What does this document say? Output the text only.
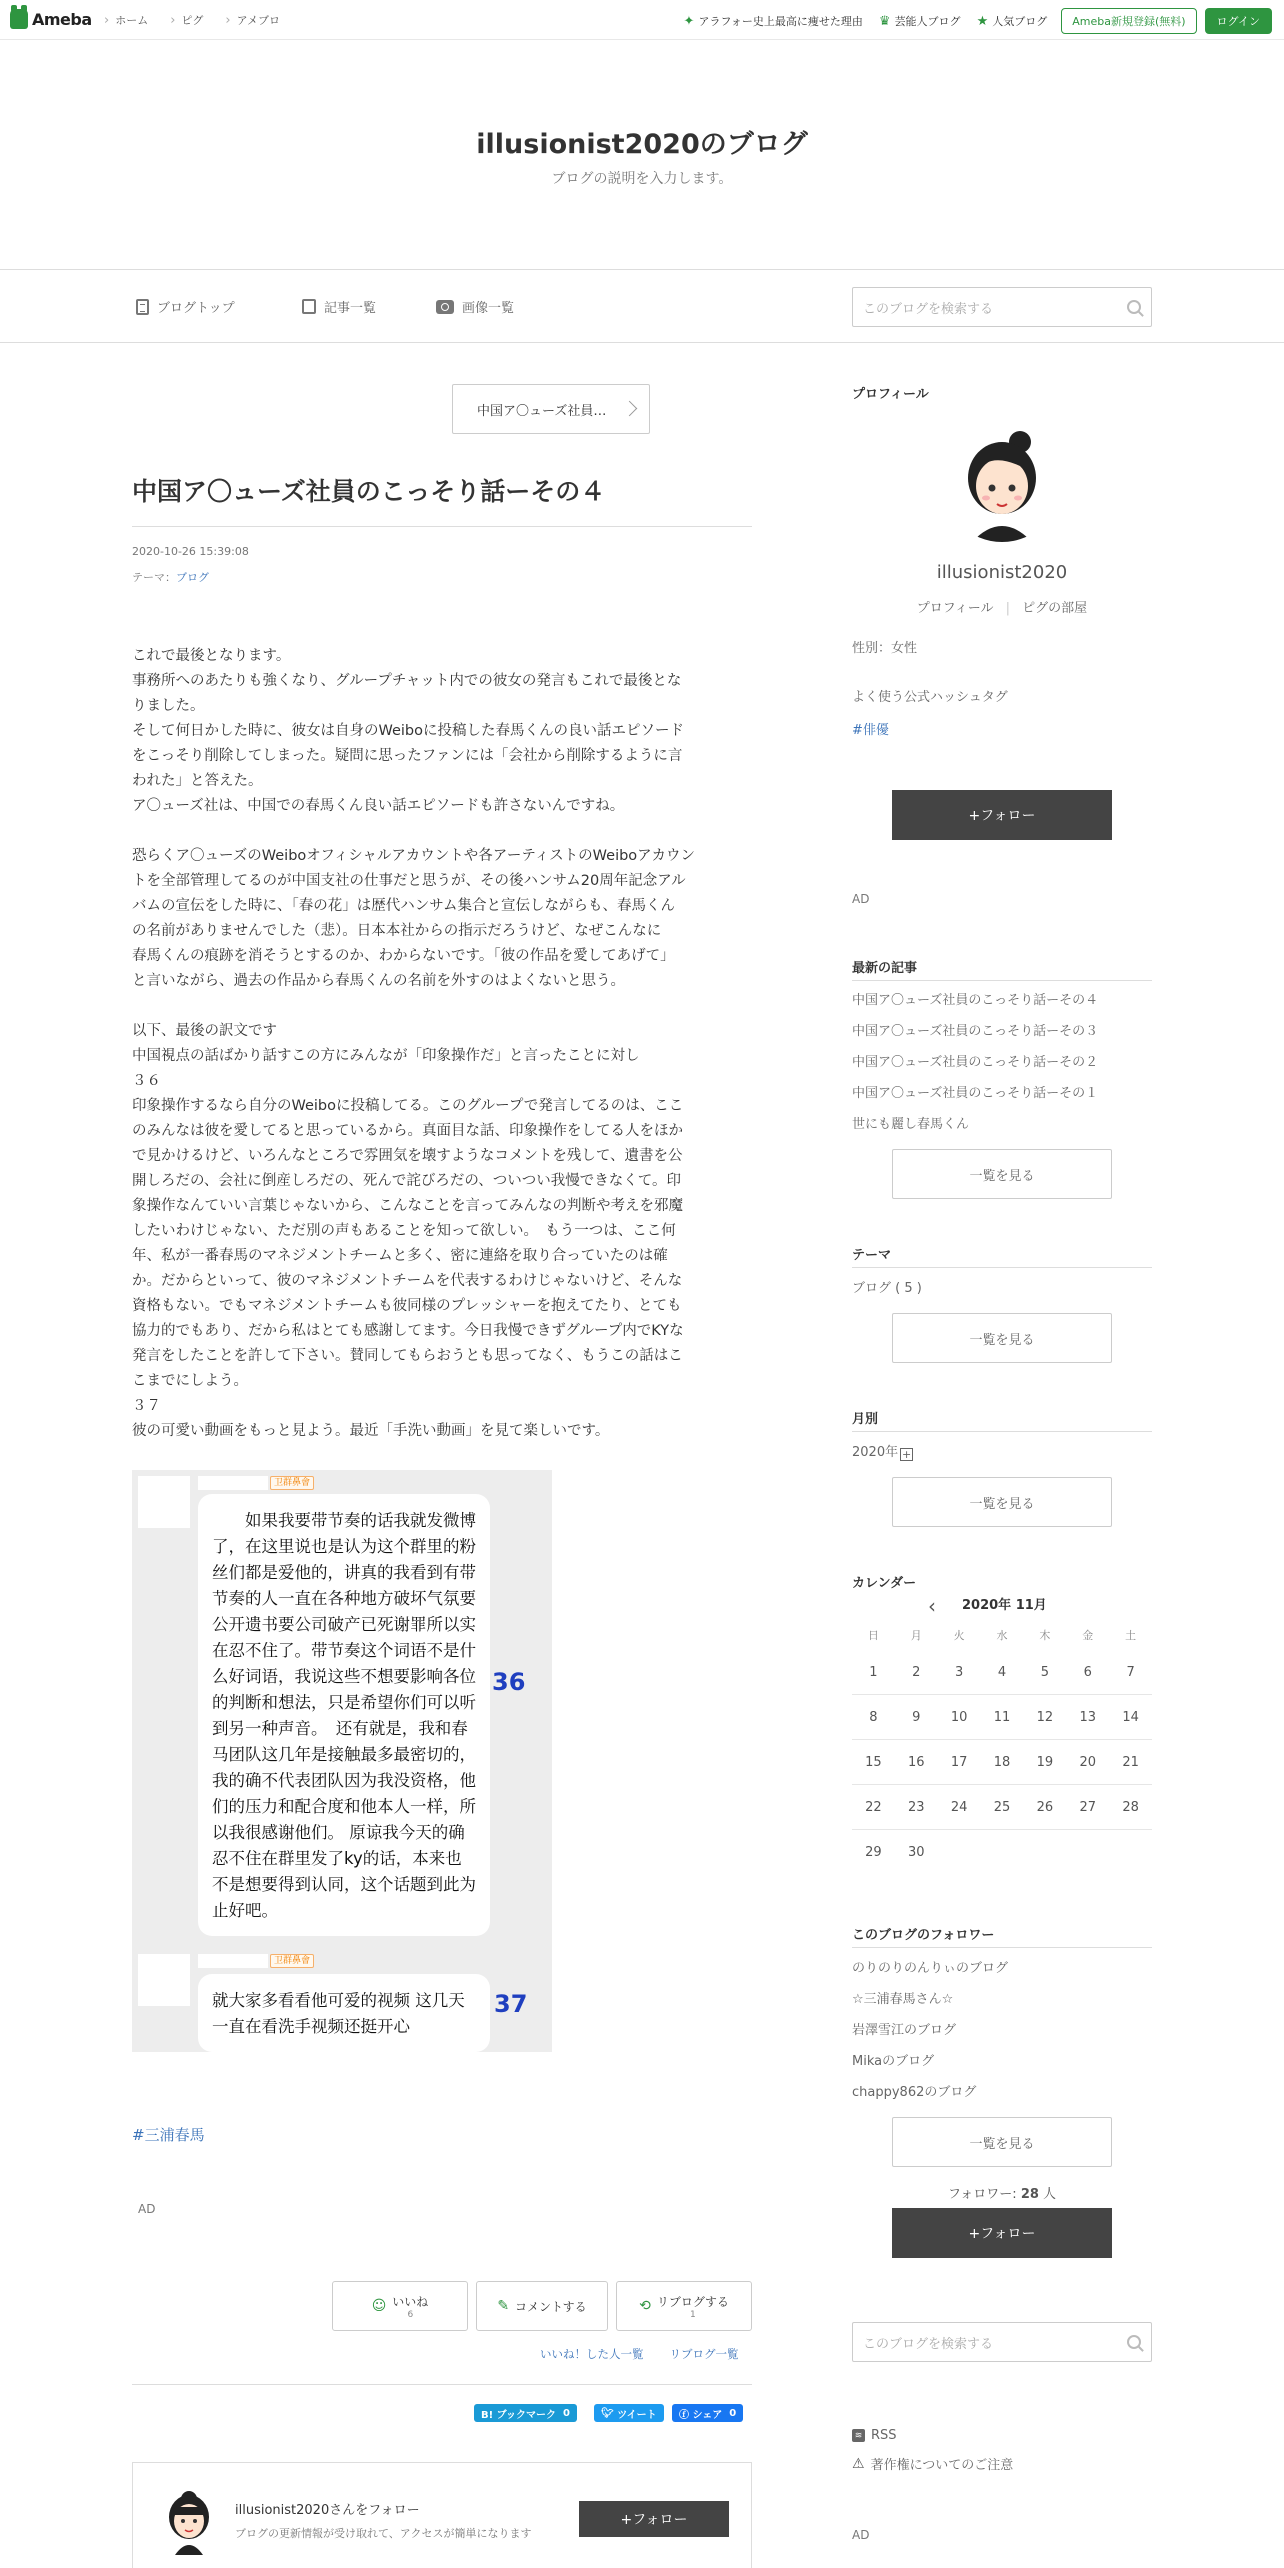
Ameba	› ホーム	› ピグ	› アメブロ	✦ アラフォー史上最高に痩せた理由 ♛ 芸能人ブログ ★ 人気ブログ	Ameba新規登録(無料)	ログイン
illusionist2020のブログ
ブログの説明を入力します。
ブログトップ	記事一覧	画像一覧	このブログを検索する
中国ア〇ューズ社員…
中国ア〇ューズ社員のこっそり話ーその４
2020-10-26 15:39:08
テーマ：ブログ

これで最後となります。
事務所へのあたりも強くなり、グループチャット内での彼女の発言もこれで最後とな
りました。
そして何日かした時に、彼女は自身のWeiboに投稿した春馬くんの良い話エピソード
をこっそり削除してしまった。疑問に思ったファンには「会社から削除するように言
われた」と答えた。
ア〇ューズ社は、中国での春馬くん良い話エピソードも許さないんですね。

恐らくア〇ューズのWeiboオフィシャルアカウントや各アーティストのWeiboアカウン
トを全部管理してるのが中国支社の仕事だと思うが、その後ハンサム20周年記念アル
バムの宣伝をした時に、「春の花」は歴代ハンサム集合と宣伝しながらも、春馬くん
の名前がありませんでした（悲）。日本本社からの指示だろうけど、なぜこんなに
春馬くんの痕跡を消そうとするのか、わからないです。「彼の作品を愛してあげて」
と言いながら、過去の作品から春馬くんの名前を外すのはよくないと思う。

以下、最後の訳文です
中国視点の話ばかり話すこの方にみんなが「印象操作だ」と言ったことに対し
３６
印象操作するなら自分のWeiboに投稿してる。このグループで発言してるのは、ここ
のみんなは彼を愛してると思っているから。真面目な話、印象操作をしてる人をほか
で見かけるけど、いろんなところで雰囲気を壊すようなコメントを残して、遺書を公
開しろだの、会社に倒産しろだの、死んで詫びろだの、ついつい我慢できなくて。印
象操作なんていい言葉じゃないから、こんなことを言ってみんなの判断や考えを邪魔
したいわけじゃない、ただ別の声もあることを知って欲しい。　もう一つは、ここ何
年、私が一番春馬のマネジメントチームと多く、密に連絡を取り合っていたのは確
か。だからといって、彼のマネジメントチームを代表するわけじゃないけど、そんな
資格もない。でもマネジメントチームも彼同様のプレッシャーを抱えてたり、とても
協力的でもあり、だから私はとても感謝してます。今日我慢できずグループ内でKYな
発言をしたことを許して下さい。賛同してもらおうとも思ってなく、もうこの話はこ
こまでにしよう。
３７
彼の可愛い動画をもっと見よう。最近「手洗い動画」を見て楽しいです。

卫群鼻會
　　如果我要带节奏的话我就发微博了，在这里说也是认为这个群里的粉丝们都是爱他的，讲真的我看到有带节奏的人一直在各种地方破坏气氛要公开遗书要公司破产已死谢罪所以实在忍不住了。带节奏这个词语不是什么好词语，我说这些不想要影响各位的判断和想法，只是希望你们可以听到另一种声音。　还有就是，我和春马团队这几年是接触最多最密切的，我的确不代表团队因为我没资格，他们的压力和配合度和他本人一样，所以我很感谢他们。 原谅我今天的确忍不住在群里发了ky的话，本来也不是想要得到认同，这个话题到此为止好吧。
36
卫群鼻會
就大家多看看他可爱的视频 这几天一直在看洗手视频还挺开心
37
#三浦春馬
AD
☺ いいね
6
✎ コメントする	⟲ リブログする
1
いいね！した人一覧 リブログ一覧
B! ブックマーク
0	🐦︎
ツイート ⓕ
シェア
0
illusionist2020さんをフォロー
ブログの更新情報が受け取れて、アクセスが簡単になります
+フォロー
プロフィール
illusionist2020
プロフィール | ピグの部屋
性別：女性
よく使う公式ハッシュタグ
#俳優
+フォロー
AD
最新の記事
中国ア〇ューズ社員のこっそり話ーその４
中国ア〇ューズ社員のこっそり話ーその３
中国ア〇ューズ社員のこっそり話ーその２
中国ア〇ューズ社員のこっそり話ーその１
世にも麗し春馬くん
一覧を見る
テーマ
ブログ ( 5 )
一覧を見る
月別
2020年 +
一覧を見る
カレンダー
‹ 2020年 11月
日	月	火	水	木	金	土
1	2	3	4	5	6	7
8	9	10	11	12	13	14
15	16	17	18	19	20	21
22	23	24	25	26	27	28
29	30
このブログのフォロワー
のりのりのんりぃのブログ
☆三浦春馬さん☆
岩澤雪江のブログ
Mikaのブログ
chappy862のブログ
一覧を見る
フォロワー: 28 人
+フォロー
このブログを検索する
≋ RSS
⚠ 著作権についてのご注意
AD
